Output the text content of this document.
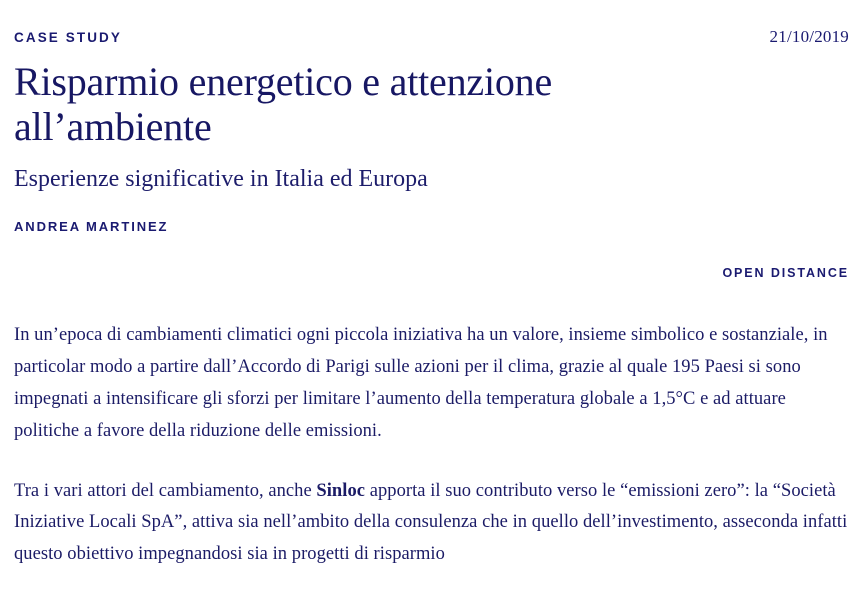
CASE STUDY	21/10/2019
Risparmio energetico e attenzione all’ambiente

Esperienze significative in Italia ed Europa

ANDREA MARTINEZ
OPEN DISTANCE

In un’epoca di cambiamenti climatici ogni piccola iniziativa ha un valore, insieme simbolico e sostanziale, in particolar modo a partire dall’Accordo di Parigi sulle azioni per il clima, grazie al quale 195 Paesi si sono impegnati a intensificare gli sforzi per limitare l’aumento della temperatura globale a 1,5°C e ad attuare politiche a favore della riduzione delle emissioni.

Tra i vari attori del cambiamento, anche Sinloc apporta il suo contributo verso le “emissioni zero”: la “Società Iniziative Locali SpA”, attiva sia nell’ambito della consulenza che in quello dell’investimento, asseconda infatti questo obiettivo impegnandosi sia in progetti di risparmio
